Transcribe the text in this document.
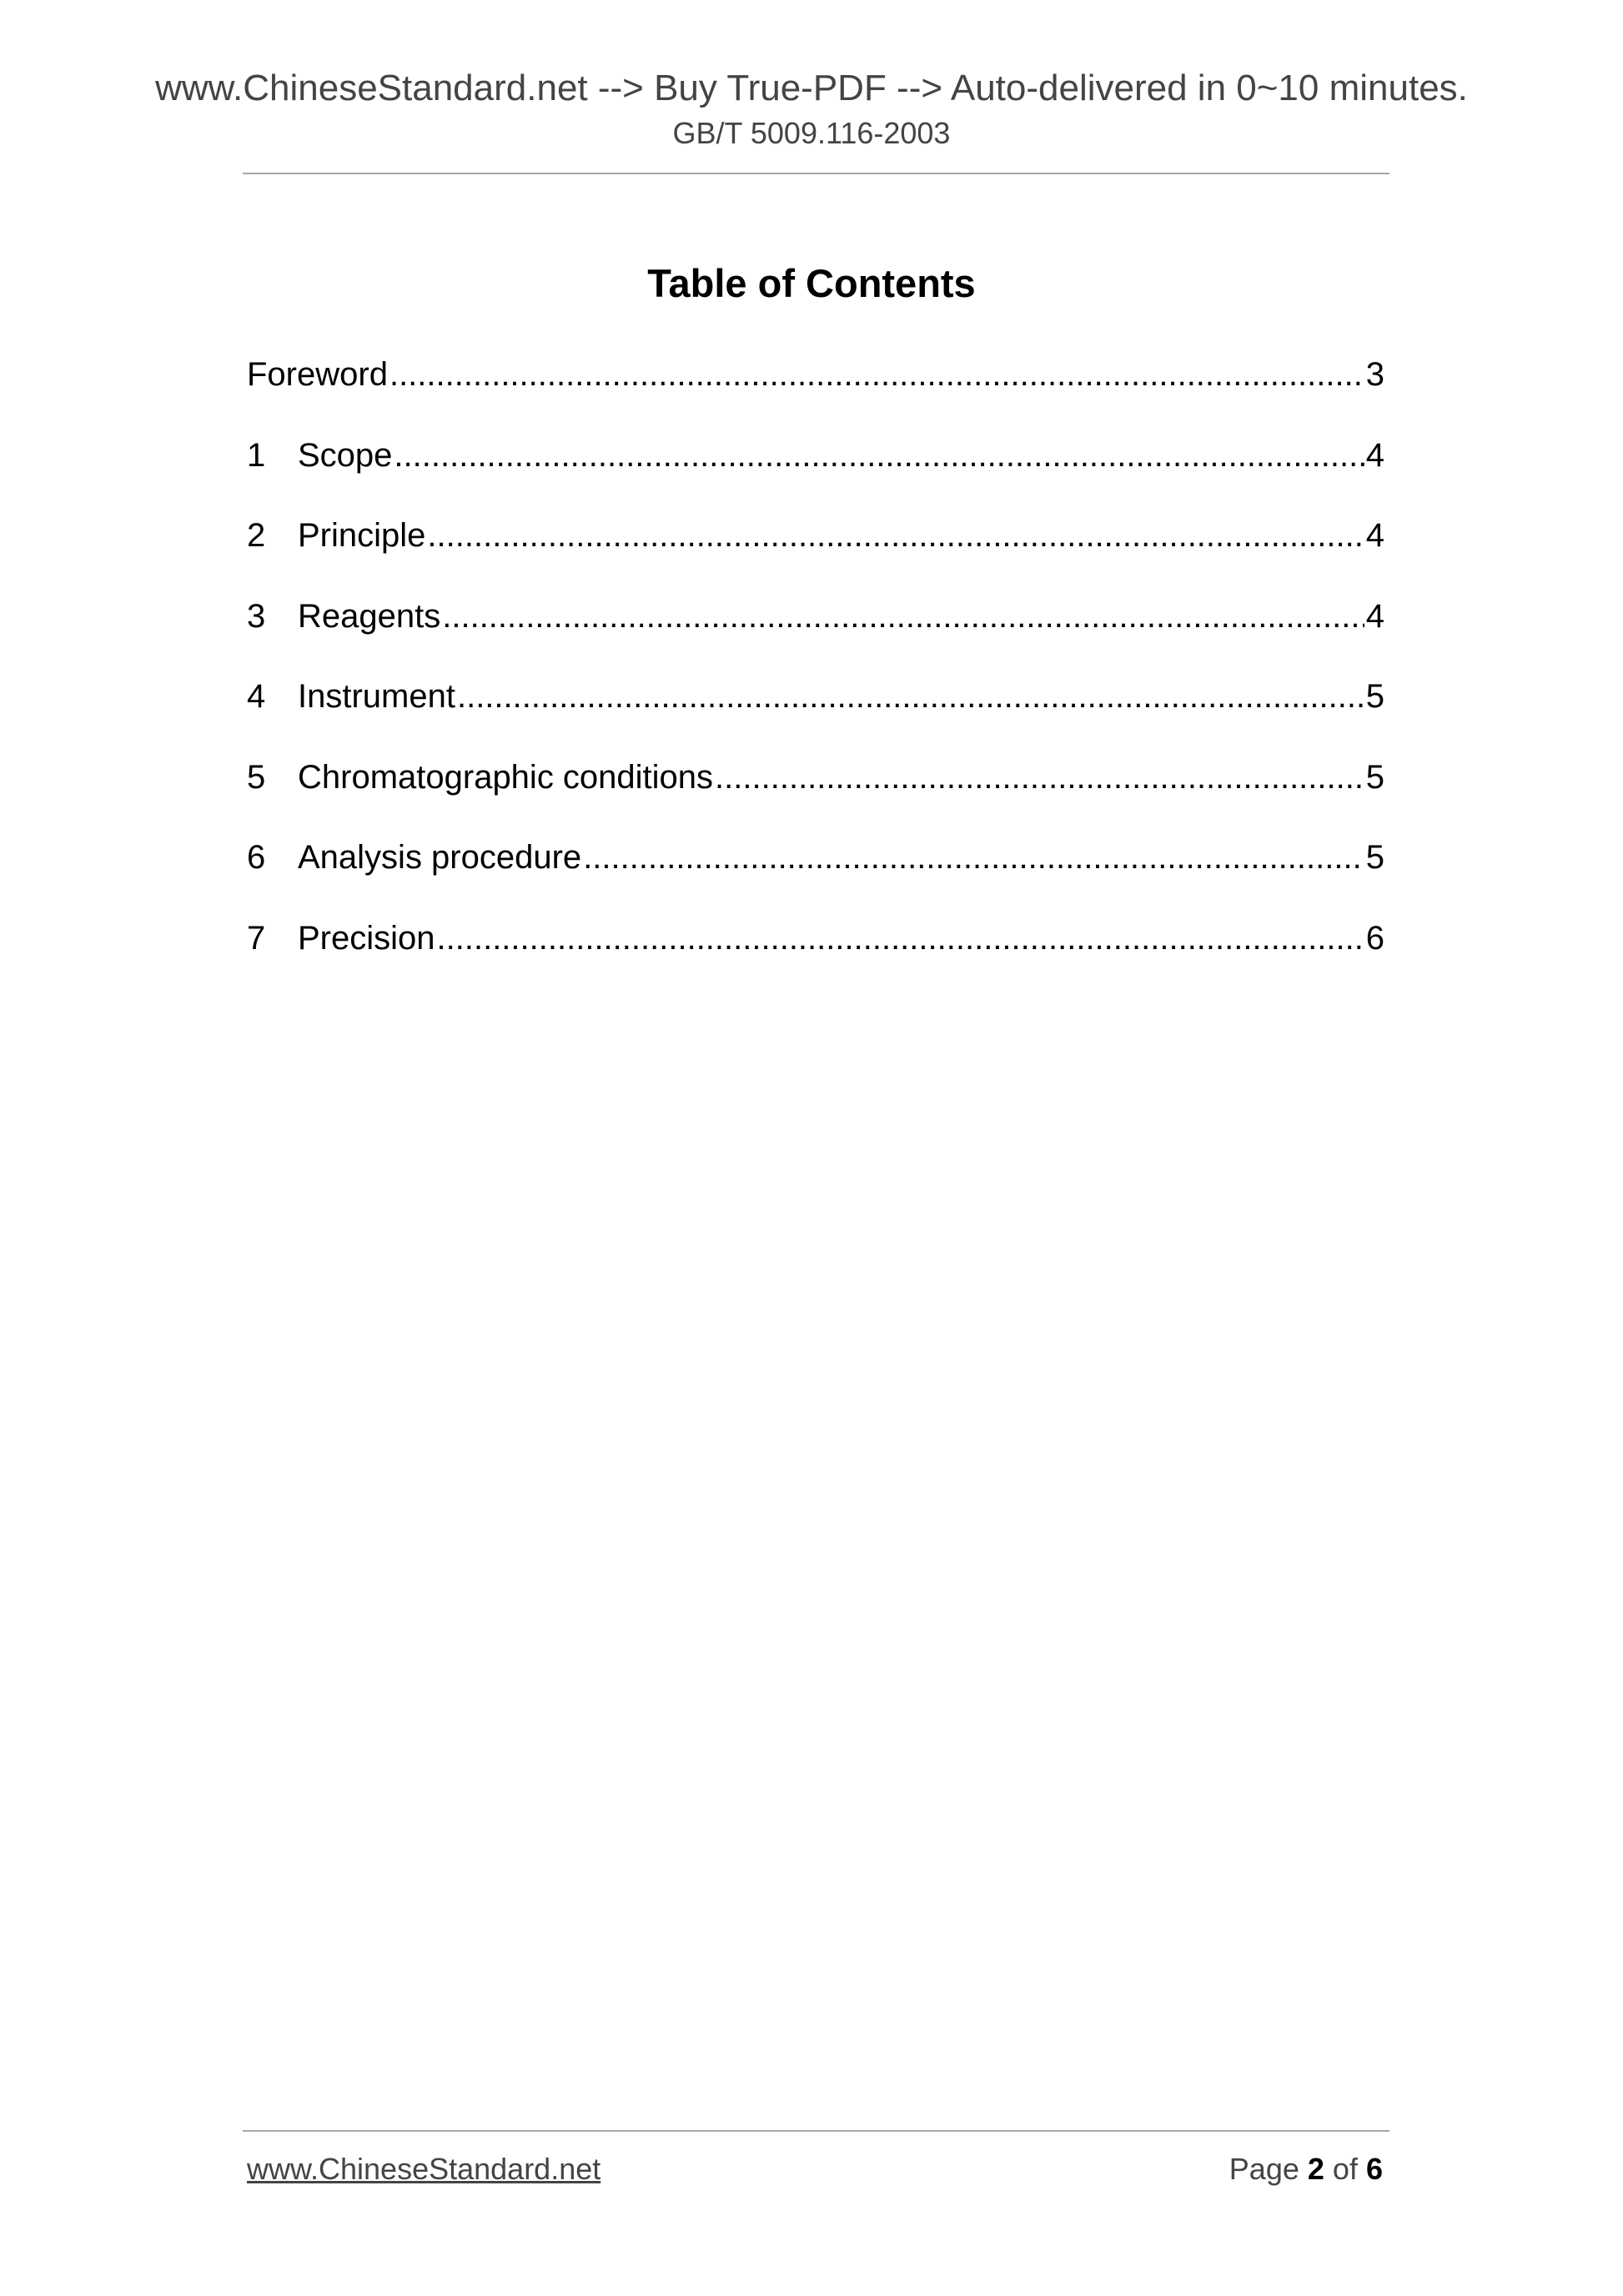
www.ChineseStandard.net --> Buy True-PDF --> Auto-delivered in 0~10 minutes.
GB/T 5009.116-2003
Table of Contents
Foreword .....	3
1 Scope .....	4
2 Principle .....	4
3 Reagents .....	4
4 Instrument .....	5
5 Chromatographic conditions .....	5
6 Analysis procedure .....	5
7 Precision .....	6
www.ChineseStandard.net	Page 2 of 6
